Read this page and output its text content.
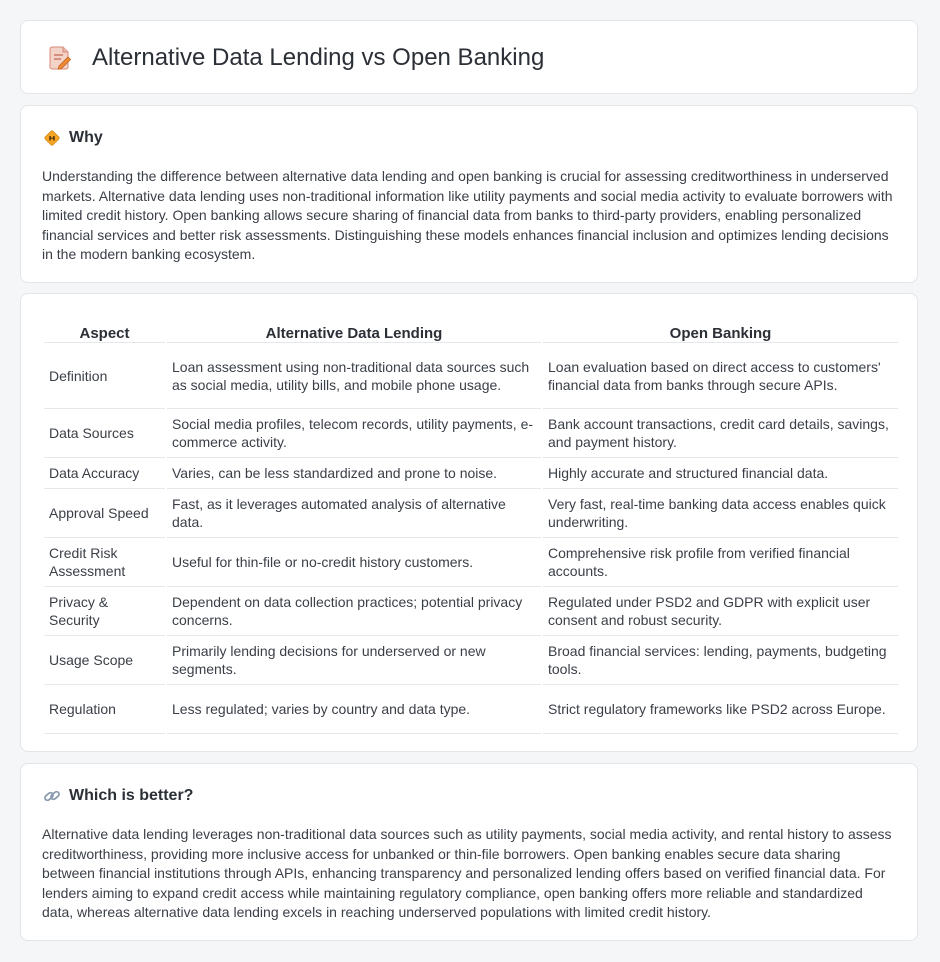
Alternative Data Lending vs Open Banking
Why

Understanding the difference between alternative data lending and open banking is crucial for assessing creditworthiness in underserved markets. Alternative data lending uses non-traditional information like utility payments and social media activity to evaluate borrowers with limited credit history. Open banking allows secure sharing of financial data from banks to third-party providers, enabling personalized financial services and better risk assessments. Distinguishing these models enhances financial inclusion and optimizes lending decisions in the modern banking ecosystem.

Aspect	Alternative Data Lending	Open Banking
Definition	Loan assessment using non-traditional data sources such as social media, utility bills, and mobile phone usage.	Loan evaluation based on direct access to customers' financial data from banks through secure APIs.
Data Sources	Social media profiles, telecom records, utility payments, e-commerce activity.	Bank account transactions, credit card details, savings, and payment history.
Data Accuracy	Varies, can be less standardized and prone to noise.	Highly accurate and structured financial data.
Approval Speed	Fast, as it leverages automated analysis of alternative data.	Very fast, real-time banking data access enables quick underwriting.
Credit Risk Assessment	Useful for thin-file or no-credit history customers.	Comprehensive risk profile from verified financial accounts.
Privacy & Security	Dependent on data collection practices; potential privacy concerns.	Regulated under PSD2 and GDPR with explicit user consent and robust security.
Usage Scope	Primarily lending decisions for underserved or new segments.	Broad financial services: lending, payments, budgeting tools.
Regulation	Less regulated; varies by country and data type.	Strict regulatory frameworks like PSD2 across Europe.
Which is better?

Alternative data lending leverages non-traditional data sources such as utility payments, social media activity, and rental history to assess creditworthiness, providing more inclusive access for unbanked or thin-file borrowers. Open banking enables secure data sharing between financial institutions through APIs, enhancing transparency and personalized lending offers based on verified financial data. For lenders aiming to expand credit access while maintaining regulatory compliance, open banking offers more reliable and standardized data, whereas alternative data lending excels in reaching underserved populations with limited credit history.
